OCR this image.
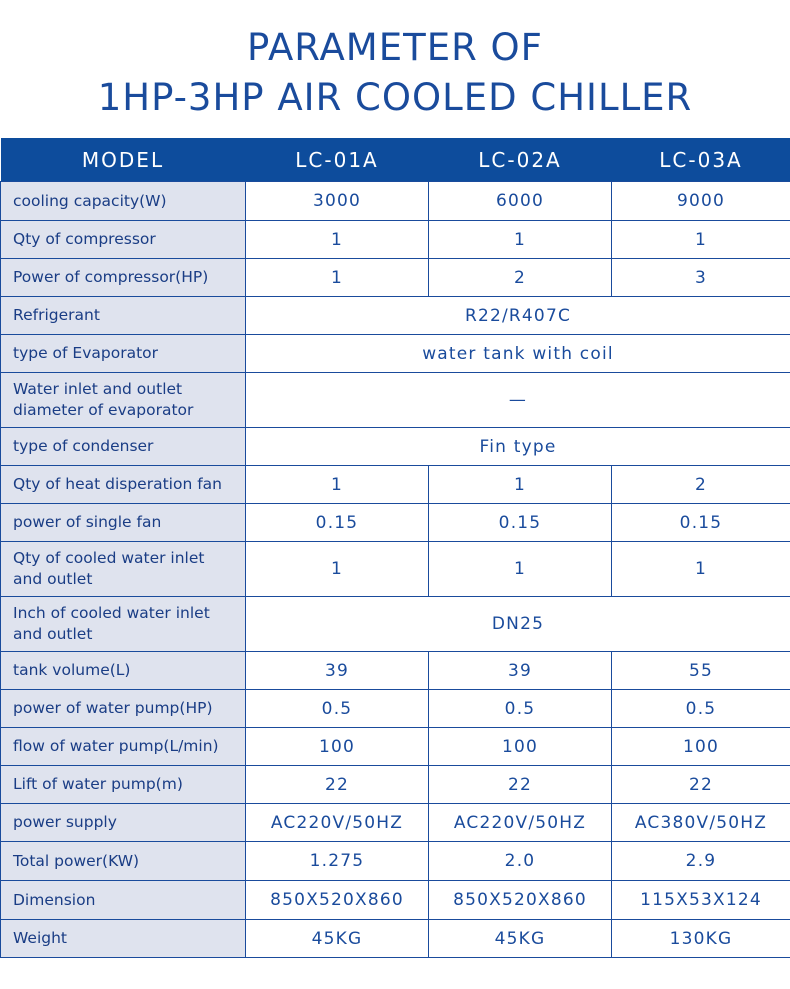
PARAMETER OF
1HP-3HP AIR COOLED CHILLER
MODEL	LC-01A	LC-02A	LC-03A
cooling capacity(W)	3000	6000	9000
Qty of compressor	1	1	1
Power of compressor(HP)	1	2	3
Refrigerant	R22/R407C		
type of Evaporator	water tank with coil		
Water inlet and outlet
diameter of evaporator	—		
type of condenser	Fin type		
Qty of heat disperation fan	1	1	2
power of single fan	0.15	0.15	0.15
Qty of cooled water inlet
and outlet	1	1	1
Inch of cooled water inlet
and outlet	DN25		
tank volume(L)	39	39	55
power of water pump(HP)	0.5	0.5	0.5
flow of water pump(L/min)	100	100	100
Lift of water pump(m)	22	22	22
power supply	AC220V/50HZ	AC220V/50HZ	AC380V/50HZ
Total power(KW)	1.275	2.0	2.9
Dimension	850X520X860	850X520X860	115X53X124
Weight	45KG	45KG	130KG
